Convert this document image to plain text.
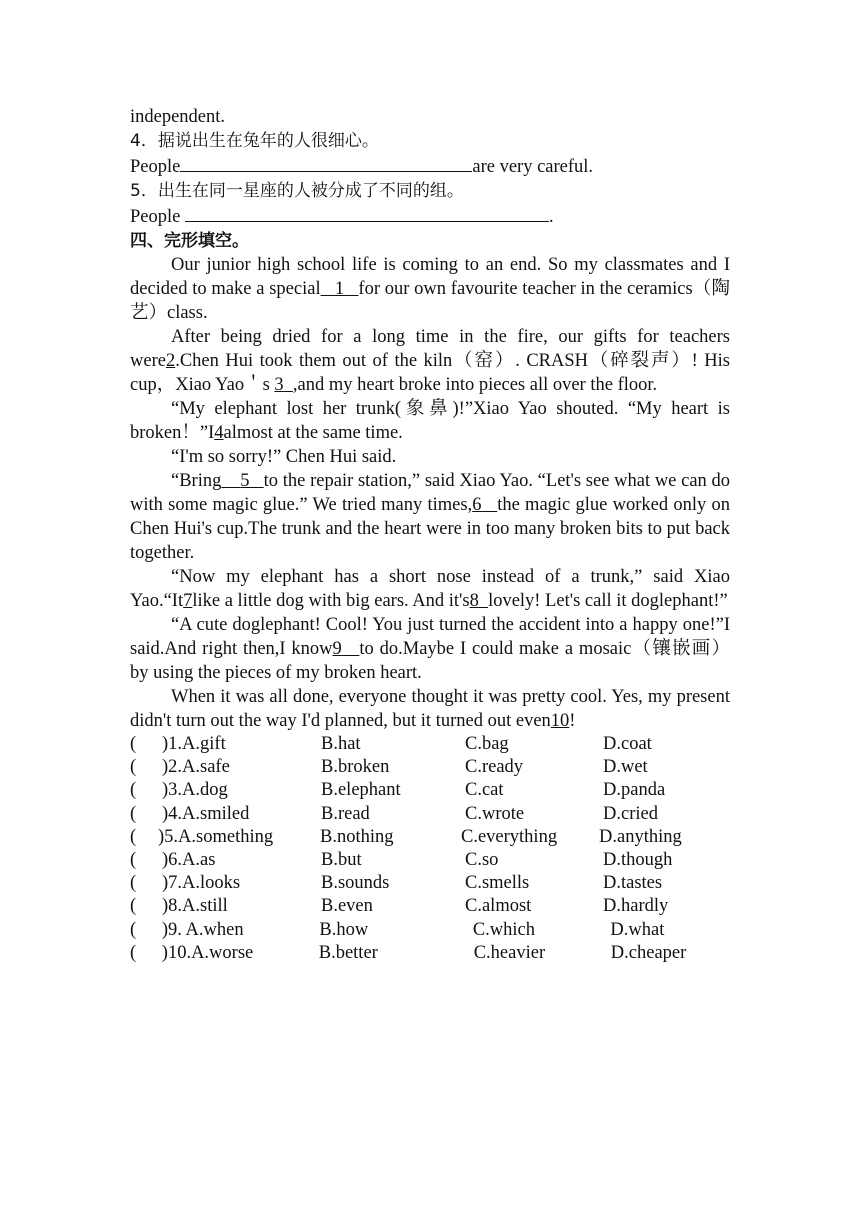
independent.
4．据说出生在兔年的人很细心。
People	are very careful.
5．出生在同一星座的人被分成了不同的组。
People	.
四、完形填空。
Our junior high school life is coming to an end. So my classmates and I decided to make a special 1 for our own favourite teacher in the ceramics（陶艺）class.
After being dried for a long time in the fire, our gifts for teachers were2.Chen Hui took them out of the kiln（窑）. CRASH（碎裂声）! His cup，Xiao Yao＇s 3 ,and my heart broke into pieces all over the floor.
“My elephant lost her trunk(象鼻)!”Xiao Yao shouted. “My heart is broken！”I4almost at the same time.
“I'm so sorry!” Chen Hui said.
“Bring 5 to the repair station,” said Xiao Yao. “Let's see what we can do with some magic glue.” We tried many times,6 the magic glue worked only on Chen Hui's cup.The trunk and the heart were in too many broken bits to put back together.
“Now my elephant has a short nose instead of a trunk,” said Xiao Yao.“It7like a little dog with big ears. And it's8 lovely! Let's call it doglephant!”
“A cute doglephant! Cool! You just turned the accident into a happy one!”I said.And right then,I know9 to do.Maybe I could make a mosaic（镶嵌画） by using the pieces of my broken heart.
When it was all done, everyone thought it was pretty cool. Yes, my present didn't turn out the way I'd planned, but it turned out even10!
(	)1.A.gift	B.hat	C.bag	D.coat
(	)2.A.safe	B.broken	C.ready	D.wet
(	)3.A.dog	B.elephant	C.cat	D.panda
(	)4.A.smiled	B.read	C.wrote	D.cried
(	)5.A.something	B.nothing	C.everything	D.anything
(	)6.A.as	B.but	C.so	D.though
(	)7.A.looks	B.sounds	C.smells	D.tastes
(	)8.A.still	B.even	C.almost	D.hardly
(	)9. A.when	B.how	C.which	D.what
(	)10.A.worse	B.better	C.heavier	D.cheaper
